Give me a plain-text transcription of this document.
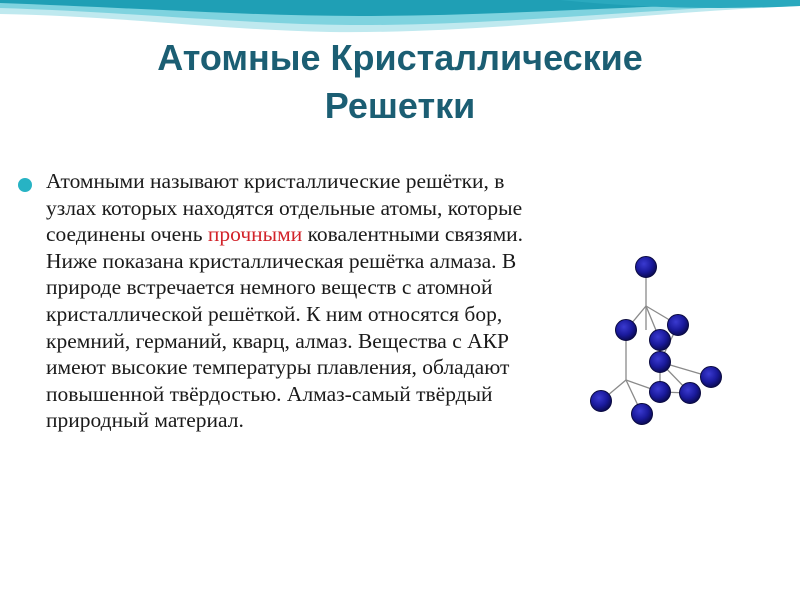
Атомные Кристаллические
Решетки

Атомными называют кристаллические решётки, в узлах которых находятся отдельные атомы, которые соединены очень прочными ковалентными связями. Ниже показана кристаллическая решётка алмаза. В природе встречается немного веществ с атомной кристаллической решёткой. К ним относятся бор, кремний, германий, кварц, алмаз. Вещества с АКР имеют высокие температуры плавления, обладают повышенной твёрдостью. Алмаз-самый твёрдый природный материал.
